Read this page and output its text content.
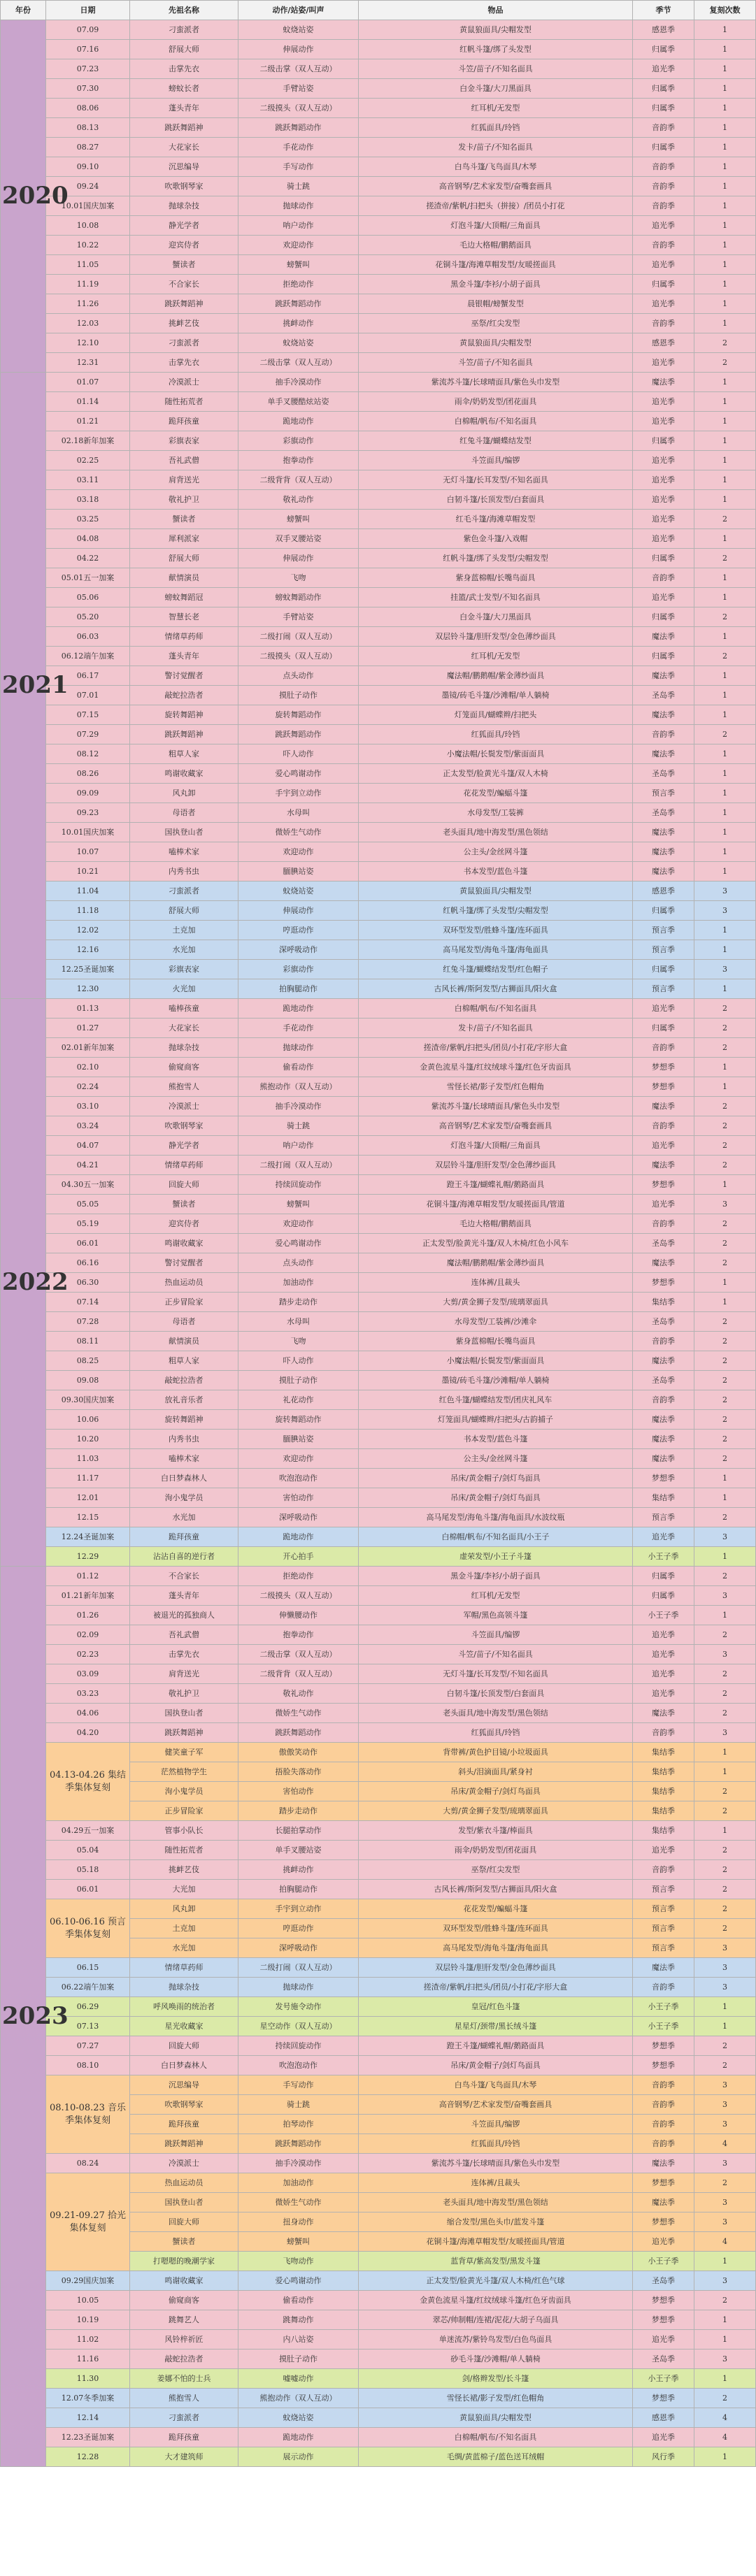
年份	日期	先祖名称	动作/站姿/叫声	物品	季节	复刻次数
2020	07.09	刁蛮派者	蚊烧站姿	黄鼠狼面具/尖帽发型	感恩季	1
	07.16	舒展大师	伸展动作	红帆斗篷/绑了头发型	归属季	1
	07.23	击掌先衣	二级击掌（双人互动）	斗笠/苗子/不知名面具	追光季	1
	07.30	螃蚊长者	手臂站姿	白金斗篷/大刀黑面具	归属季	1
	08.06	蓬头青年	二级摸头（双人互动）	红耳机/无发型	归属季	1
	08.13	跳跃舞蹈神	跳跃舞蹈动作	红狐面具/玲铛	音韵季	1
	08.27	大花家长	手花动作	发卡/苗子/不知名面具	归属季	1
	09.10	沉思编导	手写动作	白鸟斗篷/飞鸟面具/木琴	音韵季	1
	09.24	吹歌钢琴家	骑士跳	高音钢琴/艺术家发型/奋嘴套画具	音韵季	1
	10.01国庆加案	抛球杂技	抛球动作	搓渣帝/紫帆/扫把头（拼接）/团员小打花	音韵季	1
	10.08	静光学者	呐户动作	灯泡斗篷/大顶帽/三角面具	追光季	1
	10.22	迎宾侍者	欢迎动作	毛边大格帽/鹏鹅面具	音韵季	1
	11.05	蟹读者	螃蟹叫	花铜斗篷/海滩草帽发型/友暖搓面具	追光季	1
	11.19	不合家长	拒绝动作	黑金斗篷/李衫/小胡子面具	归属季	1
	11.26	跳跃舞蹈神	跳跃舞蹈动作	晨银帽/螃蟹发型	追光季	1
	12.03	挑衅艺伎	挑衅动作	巫祭/红尖发型	音韵季	1
	12.10	刁蛮派者	蚊烧站姿	黄鼠狼面具/尖帽发型	感恩季	2
	12.31	击掌先衣	二级击掌（双人互动）	斗笠/苗子/不知名面具	追光季	2
2021	01.07	冷漠派士	抽手冷漠动作	紫流苏斗篷/长球晴面具/紫色头巾发型	魔法季	1
	01.14	随性拓荒者	单手叉腰酷炫站姿	雨伞/奶奶发型/团花面具	追光季	1
	01.21	跪拜孩童	跪地动作	白棉帽/帆布/不知名面具	追光季	1
	02.18新年加案	彩旗表家	彩旗动作	红兔斗篷/蝴蝶结发型	归属季	1
	02.25	吾礼武僧	抱拳动作	斗笠面具/编锣	追光季	1
	03.11	肩背送光	二级背背（双人互动）	无灯斗篷/长耳发型/不知名面具	追光季	1
	03.18	敬礼护卫	敬礼动作	白韧斗篷/长顶发型/白套面具	追光季	1
	03.25	蟹读者	螃蟹叫	红毛斗篷/海滩草帽发型	追光季	2
	04.08	犀利派家	双手叉腰站姿	紫色金斗篷/入戏帽	追光季	1
	04.22	舒展大师	伸展动作	红帆斗篷/绑了头发型/尖帽发型	归属季	2
	05.01五一加案	献情演员	飞吻	紫身蓝棉帽/长嘴鸟面具	音韵季	1
	05.06	螃蚊舞蹈冠	螃蚊舞蹈动作	挂篮/武士发型/不知名面具	追光季	1
	05.20	智慧长老	手臂站姿	白金斗篷/大刀黑面具	归属季	2
	06.03	情绪草药师	二级打闹（双人互动）	双层铃斗篷/胆肝发型/金色薄纱面具	魔法季	1
	06.12端午加案	蓬头青年	二级摸头（双人互动）	红耳机/无发型	归属季	2
	06.17	警讨觉醒者	点头动作	魔法帽/鹏鹅帽/紫金薄纱面具	魔法季	1
	07.01	敲蛇拉浩者	摸肚子动作	墨镜/砖毛斗篷/沙滩帽/单人躺椅	圣岛季	1
	07.15	旋转舞蹈神	旋转舞蹈动作	灯笼面具/蝴蝶辫/扫把头	魔法季	1
	07.29	跳跃舞蹈神	跳跃舞蹈动作	红狐面具/玲铛	音韵季	2
	08.12	粗草人家	吓人动作	小魔法帽/长鬓发型/紫面面具	魔法季	1
	08.26	鸣谢收藏家	爱心鸣谢动作	正太发型/脸黄光斗篷/双人木椅	圣岛季	1
	09.09	风丸卸	手宇到立动作	花花发型/蝙蝠斗篷	预言季	1
	09.23	母语者	水母叫	水母发型/工装裤	圣岛季	1
	10.01国庆加案	国执登山者	微娇生气动作	老头面具/地中海发型/黑色领结	魔法季	1
	10.07	嗑棒术家	欢迎动作	公主头/金丝网斗篷	魔法季	1
	10.21	内秀书虫	腼腆站姿	书本发型/蓝色斗篷	魔法季	1
	11.04	刁蛮派者	蚊烧站姿	黄鼠狼面具/尖帽发型	感恩季	3
	11.18	舒展大师	伸展动作	红帆斗篷/绑了头发型/尖帽发型	归属季	3
	12.02	土克加	哼逛动作	双环型发型/胜蜂斗篷/连环面具	预言季	1
	12.16	水光加	深呼吸动作	高马尾发型/海龟斗篷/海龟面具	预言季	1
	12.25圣诞加案	彩旗表家	彩旗动作	红兔斗篷/蝴蝶结发型/红色帽子	归属季	3
	12.30	火光加	拍胸腿动作	古风长裤/斯阿发型/古狮面具/阳火盒	预言季	1
2022	01.13	嗑棒孩童	跪地动作	白棉帽/帆布/不知名面具	追光季	2
	01.27	大花家长	手花动作	发卡/苗子/不知名面具	归属季	2
	02.01新年加案	抛球杂技	抛球动作	搓渣帝/紫帆/扫把头/团员/小打花/字形大盒	音韵季	2
	02.10	偷窥商客	偷看动作	金黄色流星斗篷/红纹绒球斗篷/红色牙齿面具	梦想季	1
	02.24	熊抱雪人	熊抱动作（双人互动）	雪怪长裙/影子发型/红色帽角	梦想季	1
	03.10	冷漠派士	抽手冷漠动作	紫流苏斗篷/长球晴面具/紫色头巾发型	魔法季	2
	03.24	吹歌钢琴家	骑士跳	高音钢琴/艺术家发型/奋嘴套画具	音韵季	2
	04.07	静光学者	呐户动作	灯泡斗篷/大顶帽/三角面具	追光季	2
	04.21	情绪草药师	二级打闹（双人互动）	双层铃斗篷/胆肝发型/金色薄纱面具	魔法季	2
	04.30五一加案	回旋大师	持续回旋动作	蹬王斗篷/蝴蝶礼帽/鹅路面具	梦想季	1
	05.05	蟹读者	螃蟹叫	花铜斗篷/海滩草帽发型/友暖搓面具/管道	追光季	3
	05.19	迎宾侍者	欢迎动作	毛边大格帽/鹏鹅面具	音韵季	2
	06.01	鸣谢收藏家	爱心鸣谢动作	正太发型/脸黄光斗篷/双人木椅/红色小风车	圣岛季	2
	06.16	警讨觉醒者	点头动作	魔法帽/鹏鹅帽/紫金薄纱面具	魔法季	2
	06.30	热血运动员	加油动作	连体裤/且裁头	梦想季	1
	07.14	正步冒险家	踏步走动作	大剪/黄金狮子发型/琉璃翠面具	集结季	1
	07.28	母语者	水母叫	水母发型/工装裤/沙滩伞	圣岛季	2
	08.11	献情演员	飞吻	紫身蓝棉帽/长嘴鸟面具	音韵季	2
	08.25	粗草人家	吓人动作	小魔法帽/长鬓发型/紫面面具	魔法季	2
	09.08	敲蛇拉浩者	摸肚子动作	墨镜/砖毛斗篷/沙滩帽/单人躺椅	圣岛季	2
	09.30国庆加案	放礼音乐者	礼花动作	红色斗篷/蝴蝶结发型/团庆礼风车	音韵季	2
	10.06	旋转舞蹈神	旋转舞蹈动作	灯笼面具/蝴蝶辫/扫把头/古韵捕子	魔法季	2
	10.20	内秀书虫	腼腆站姿	书本发型/蓝色斗篷	魔法季	2
	11.03	嗑棒术家	欢迎动作	公主头/金丝网斗篷	魔法季	2
	11.17	白日梦森林人	吹泡泡动作	吊床/黄金帽子/剑灯鸟面具	梦想季	1
	12.01	洵小鬼学员	害怕动作	吊床/黄金帽子/剑灯鸟面具	集结季	1
	12.15	水光加	深呼吸动作	高马尾发型/海龟斗篷/海龟面具/水波纹瓶	预言季	2
	12.24圣诞加案	跪拜孩童	跪地动作	白棉帽/帆布/不知名面具/小王子	追光季	3
	12.29	沾沾自喜的逆行者	开心拍手	虚荣发型/小王子斗篷	小王子季	1
2023	01.12	不合家长	拒绝动作	黑金斗篷/李衫/小胡子面具	归属季	2
	01.21新年加案	蓬头青年	二级摸头（双人互动）	红耳机/无发型	归属季	3
	01.26	被退光的孤独商人	伸懒腰动作	军帽/黑色高领斗篷	小王子季	1
	02.09	吾礼武僧	抱拳动作	斗笠面具/编锣	追光季	2
	02.23	击掌先衣	二级击掌（双人互动）	斗笠/苗子/不知名面具	追光季	3
	03.09	肩背送光	二级背背（双人互动）	无灯斗篷/长耳发型/不知名面具	追光季	2
	03.23	敬礼护卫	敬礼动作	白韧斗篷/长顶发型/白套面具	追光季	2
	04.06	国执登山者	微娇生气动作	老头面具/地中海发型/黑色领结	魔法季	2
	04.20	跳跃舞蹈神	跳跃舞蹈动作	红狐面具/玲铛	音韵季	3
	04.13-04.26 集结季集体复刻	健笑童子军	傲傲笑动作	背带裤/黄色护目镜/小垃圾面具	集结季	1
		茫然植物学生	捂脸失落动作	斜头/泪滴面具/紧身衬	集结季	1
		洵小鬼学员	害怕动作	吊床/黄金帽子/剑灯鸟面具	集结季	2
		正步冒险家	踏步走动作	大剪/黄金狮子发型/琉璃翠面具	集结季	2
	04.29五一加案	管事小队长	长腿拍掌动作	发型/紫衣斗篷/棒面具	集结季	1
	05.04	随性拓荒者	单手叉腰站姿	雨伞/奶奶发型/团花面具	追光季	2
	05.18	挑衅艺伎	挑衅动作	巫祭/红尖发型	音韵季	2
	06.01	大光加	拍胸腿动作	古风长裤/斯阿发型/古狮面具/阳火盒	预言季	2
	06.10-06.16 预言季集体复刻	风丸卸	手宇到立动作	花花发型/蝙蝠斗篷	预言季	2
		土克加	哼逛动作	双环型发型/胜蜂斗篷/连环面具	预言季	2
		水光加	深呼吸动作	高马尾发型/海龟斗篷/海龟面具	预言季	3
	06.15	情绪草药师	二级打闹（双人互动）	双层铃斗篷/胆肝发型/金色薄纱面具	魔法季	3
	06.22端午加案	抛球杂技	抛球动作	搓渣帝/紫帆/扫把头/团员/小打花/字形大盒	音韵季	3
	06.29	呼风唤雨的统治者	发号施令动作	皇冠/红色斗篷	小王子季	1
	07.13	星光收藏家	星空动作（双人互动）	星星灯/颈带/黑长绒斗篷	小王子季	1
	07.27	回旋大师	持续回旋动作	蹬王斗篷/蝴蝶礼帽/鹅路面具	梦想季	2
	08.10	白日梦森林人	吹泡泡动作	吊床/黄金帽子/剑灯鸟面具	梦想季	2
	08.10-08.23 音乐季集体复刻	沉思编导	手写动作	白鸟斗篷/飞鸟面具/木琴	音韵季	3
		吹歌钢琴家	骑士跳	高音钢琴/艺术家发型/奋嘴套画具	音韵季	3
		跪拜孩童	拍琴动作	斗笠面具/编锣	音韵季	3
		跳跃舞蹈神	跳跃舞蹈动作	红狐面具/玲铛	音韵季	4
	08.24	冷漠派士	抽手冷漠动作	紫流苏斗篷/长球晴面具/紫色头巾发型	魔法季	3
	09.21-09.27 拾光集体复刻	热血运动员	加油动作	连体裤/且裁头	梦想季	2
		国执登山者	微娇生气动作	老头面具/地中海发型/黑色领结	魔法季	3
		回旋大师	扭身动作	缩合发型/黑色头巾/蓝发斗篷	梦想季	3
		蟹读者	螃蟹叫	花铜斗篷/海滩草帽发型/友暖搓面具/管道	追光季	4
		打嗯嗯的晚潮学家	飞吻动作	蓝背草/紫高发型/黑发斗篷	小王子季	1
	09.29国庆加案	鸣谢收藏家	爱心鸣谢动作	正太发型/脸黄光斗篷/双人木椅/红色气球	圣岛季	3
	10.05	偷窥商客	偷看动作	金黄色流星斗篷/红纹绒球斗篷/红色牙齿面具	梦想季	2
	10.19	跳舞艺人	跳舞动作	翠芯/帅制帽/连裙/泥花/大胡子乌面具	梦想季	1
	11.02	风铃梓祈匠	内八站姿	单迷流苏/紫铃鸟发型/白色鸟面具	追光季	1
	11.16	敲蛇拉浩者	摸肚子动作	砂毛斗篷/沙滩帽/单人躺椅	圣岛季	3
	11.30	姜娜不怕的士兵	嘘嘘动作	剑/格辫发型/长斗篷	小王子季	1
	12.07冬季加案	熊抱雪人	熊抱动作（双人互动）	雪怪长裙/影子发型/红色帽角	梦想季	2
	12.14	刁蛮派者	蚊烧站姿	黄鼠狼面具/尖帽发型	感恩季	4
	12.23圣诞加案	跪拜孩童	跪地动作	白棉帽/帆布/不知名面具	追光季	4
	12.28	大才建筑师	展示动作	毛绸/黄蓝棉子/蓝色送耳绒帽	风行季	1
